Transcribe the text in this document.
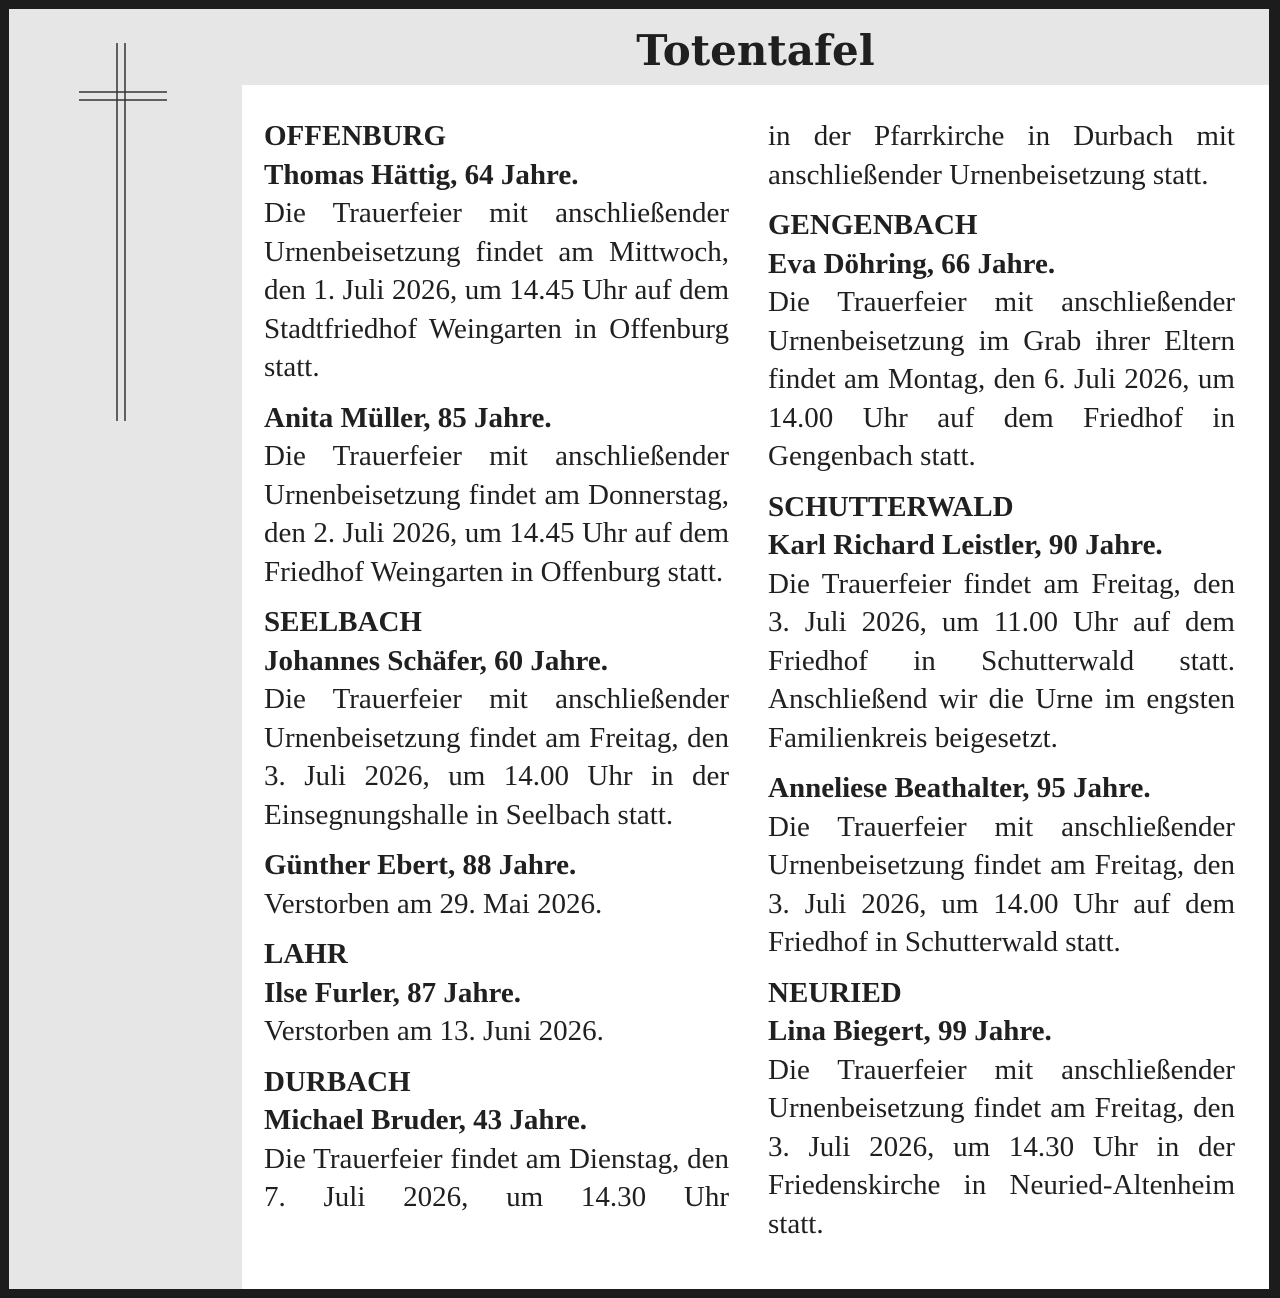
Totentafel
OFFENBURG
Thomas Hättig, 64 Jahre.
Die Trauerfeier mit anschließender Urnenbeisetzung findet am Mittwoch, den 1. Juli 2026, um 14.45 Uhr auf dem Stadtfriedhof Weingarten in Offenburg statt.
Anita Müller, 85 Jahre.
Die Trauerfeier mit anschließender Urnenbeisetzung findet am Donnerstag, den 2. Juli 2026, um 14.45 Uhr auf dem Friedhof Weingarten in Offenburg statt.
SEELBACH
Johannes Schäfer, 60 Jahre.
Die Trauerfeier mit anschließender Urnenbeisetzung findet am Freitag, den 3. Juli 2026, um 14.00 Uhr in der Einsegnungshalle in Seelbach statt.
Günther Ebert, 88 Jahre.
Verstorben am 29. Mai 2026.
LAHR
Ilse Furler, 87 Jahre.
Verstorben am 13. Juni 2026.
DURBACH
Michael Bruder, 43 Jahre.
Die Trauerfeier findet am Dienstag, den 7. Juli 2026, um 14.30 Uhr
in der Pfarrkirche in Durbach mit anschließender Urnenbeisetzung statt.
GENGENBACH
Eva Döhring, 66 Jahre.
Die Trauerfeier mit anschließender Urnenbeisetzung im Grab ihrer Eltern findet am Montag, den 6. Juli 2026, um 14.00 Uhr auf dem Friedhof in Gengenbach statt.
SCHUTTERWALD
Karl Richard Leistler, 90 Jahre.
Die Trauerfeier findet am Freitag, den 3. Juli 2026, um 11.00 Uhr auf dem Friedhof in Schutterwald statt. Anschließend wir die Urne im engsten Familienkreis beigesetzt.
Anneliese Beathalter, 95 Jahre.
Die Trauerfeier mit anschließender Urnenbeisetzung findet am Freitag, den 3. Juli 2026, um 14.00 Uhr auf dem Friedhof in Schutterwald statt.
NEURIED
Lina Biegert, 99 Jahre.
Die Trauerfeier mit anschließender Urnenbeisetzung findet am Freitag, den 3. Juli 2026, um 14.30 Uhr in der Friedenskirche in Neuried-Altenheim statt.
